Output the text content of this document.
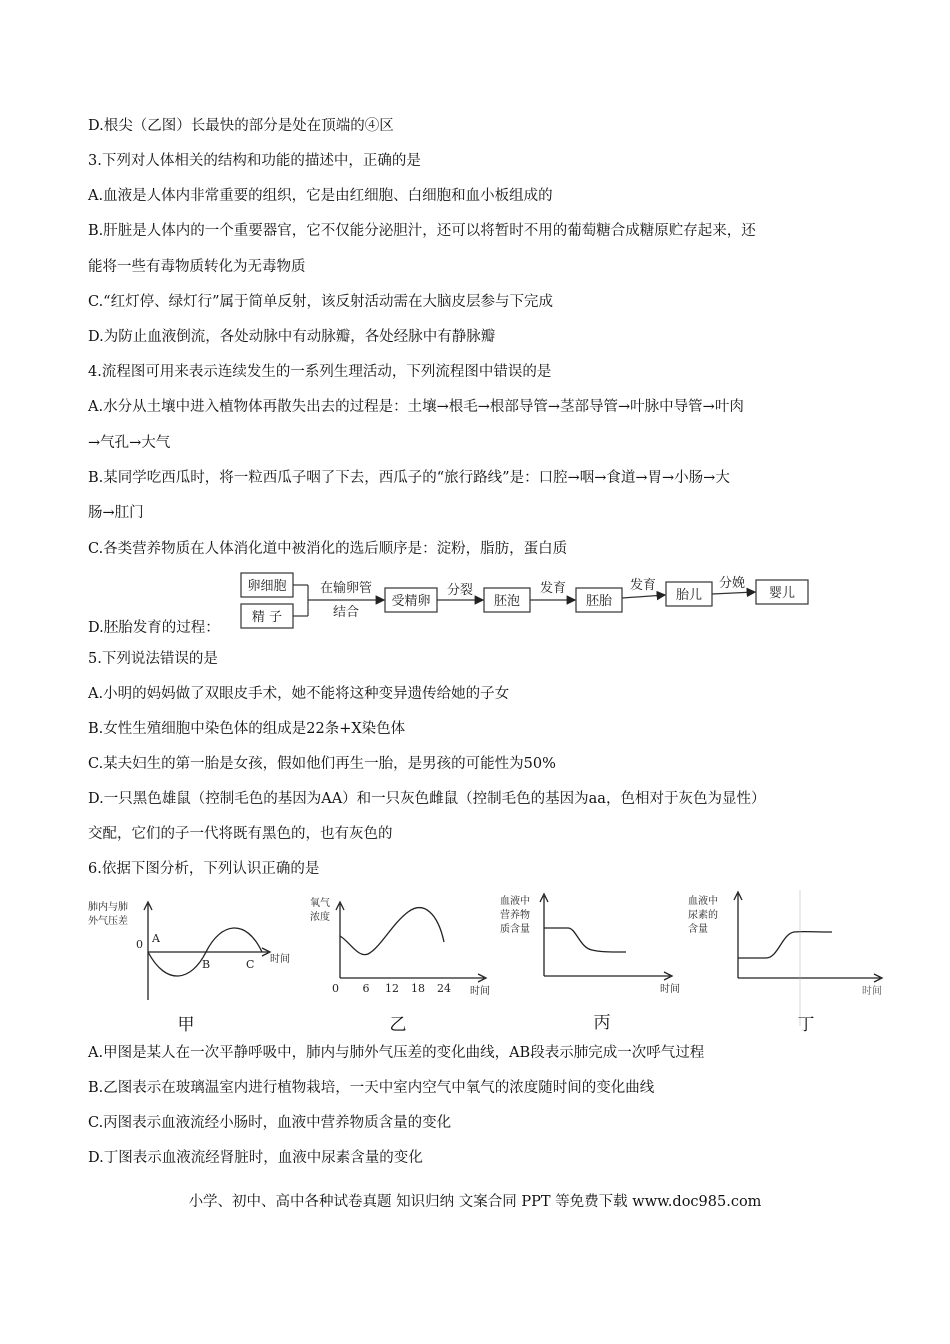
D.根尖（乙图）长最快的部分是处在顶端的④区
3.下列对人体相关的结构和功能的描述中，正确的是
A.血液是人体内非常重要的组织，它是由红细胞、白细胞和血小板组成的
B.肝脏是人体内的一个重要器官，它不仅能分泌胆汁，还可以将暂时不用的葡萄糖合成糖原贮存起来，还
能将一些有毒物质转化为无毒物质
C.“红灯停、绿灯行”属于简单反射，该反射活动需在大脑皮层参与下完成
D.为防止血液倒流，各处动脉中有动脉瓣，各处经脉中有静脉瓣
4.流程图可用来表示连续发生的一系列生理活动，下列流程图中错误的是
A.水分从土壤中进入植物体再散失出去的过程是：土壤→根毛→根部导管→茎部导管→叶脉中导管→叶肉
→气孔→大气
B.某同学吃西瓜时，将一粒西瓜子咽了下去，西瓜子的“旅行路线”是：口腔→咽→食道→胃→小肠→大
肠→肛门
C.各类营养物质在人体消化道中被消化的选后顺序是：淀粉，脂肪，蛋白质
D.胚胎发育的过程：
5.下列说法错误的是
A.小明的妈妈做了双眼皮手术，她不能将这种变异遗传给她的子女
B.女性生殖细胞中染色体的组成是22条+X染色体
C.某夫妇生的第一胎是女孩，假如他们再生一胎，是男孩的可能性为50%
D.一只黑色雄鼠（控制毛色的基因为AA）和一只灰色雌鼠（控制毛色的基因为aa，色相对于灰色为显性）
交配，它们的子一代将既有黑色的，也有灰色的
6.依据下图分析，下列认识正确的是
A.甲图是某人在一次平静呼吸中，肺内与肺外气压差的变化曲线，AB段表示肺完成一次呼气过程
B.乙图表示在玻璃温室内进行植物栽培，一天中室内空气中氧气的浓度随时间的变化曲线
C.丙图表示血液流经小肠时，血液中营养物质含量的变化
D.丁图表示血液流经肾脏时，血液中尿素含量的变化
卵细胞
精 子
在输卵管
结合
受精卵
分裂
胚泡
发育
胚胎
发育
胎儿
分娩
婴儿
肺内与肺
外气压差
0 A
B	C 时间
甲
氧气
浓度
0 6 12 18 24 时间
乙
血液中
营养物
质含量
时间
丙
血液中
尿素的
含量
时间
丁
小学、初中、高中各种试卷真题 知识归纳 文案合同 PPT 等免费下载 www.doc985.com
